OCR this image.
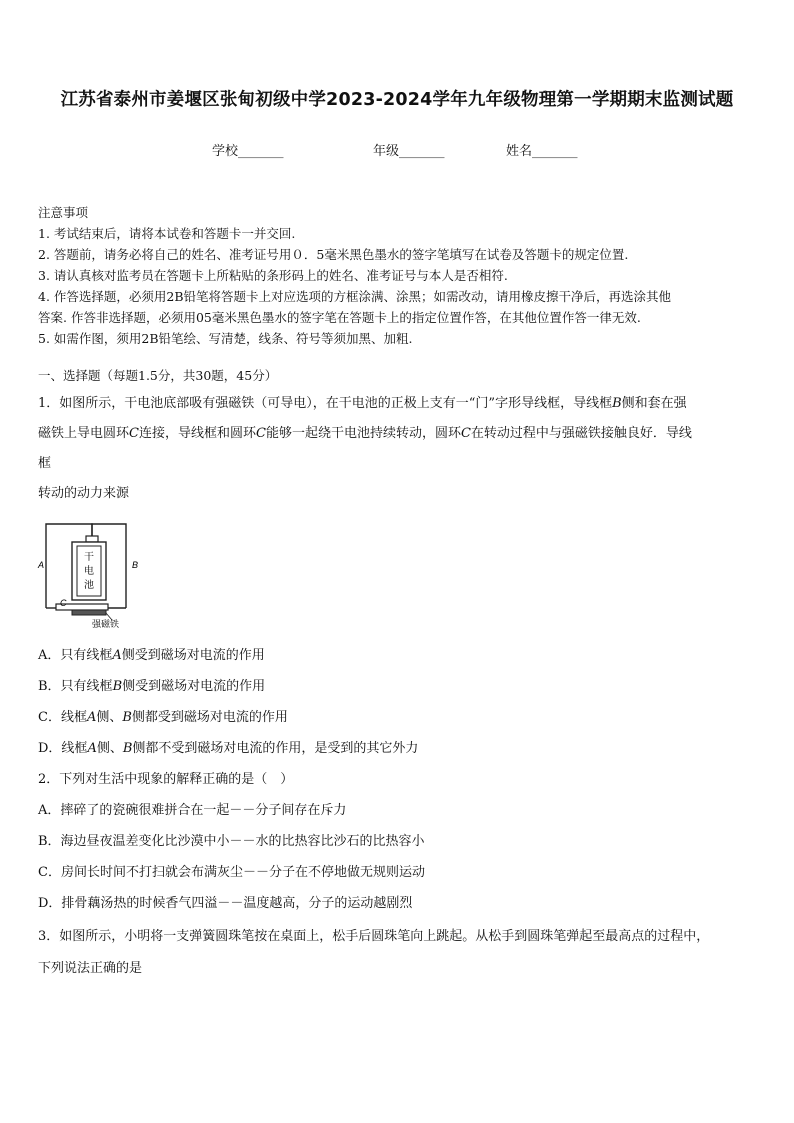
江苏省泰州市姜堰区张甸初级中学2023-2024学年九年级物理第一学期期末监测试题
学校_______	年级_______	姓名_______
注意事项
1. 考试结束后，请将本试卷和答题卡一并交回.
2. 答题前，请务必将自己的姓名、准考证号用０．5毫米黑色墨水的签字笔填写在试卷及答题卡的规定位置.
3. 请认真核对监考员在答题卡上所粘贴的条形码上的姓名、准考证号与本人是否相符.
4. 作答选择题，必须用2B铅笔将答题卡上对应选项的方框涂满、涂黑；如需改动，请用橡皮擦干净后，再选涂其他
答案. 作答非选择题，必须用05毫米黑色墨水的签字笔在答题卡上的指定位置作答，在其他位置作答一律无效.
5. 如需作图，须用2B铅笔绘、写清楚，线条、符号等须加黑、加粗.
一、选择题（每题1.5分，共30题，45分）
1．如图所示，干电池底部吸有强磁铁（可导电），在干电池的正极上支有一“门”字形导线框，导线框B侧和套在强
磁铁上导电圆环C连接，导线框和圆环C能够一起绕干电池持续转动，圆环C在转动过程中与强磁铁接触良好．导线
框
转动的动力来源
干
电
池
A	B
C
强磁铁
A．只有线框A侧受到磁场对电流的作用
B．只有线框B侧受到磁场对电流的作用
C．线框A侧、B侧都受到磁场对电流的作用
D．线框A侧、B侧都不受到磁场对电流的作用，是受到的其它外力
2．下列对生活中现象的解释正确的是（　）
A．摔碎了的瓷碗很难拼合在一起－－分子间存在斥力
B．海边昼夜温差变化比沙漠中小－－水的比热容比沙石的比热容小
C．房间长时间不打扫就会布满灰尘－－分子在不停地做无规则运动
D．排骨藕汤热的时候香气四溢－－温度越高，分子的运动越剧烈
3．如图所示，小明将一支弹簧圆珠笔按在桌面上，松手后圆珠笔向上跳起。从松手到圆珠笔弹起至最高点的过程中，
下列说法正确的是
